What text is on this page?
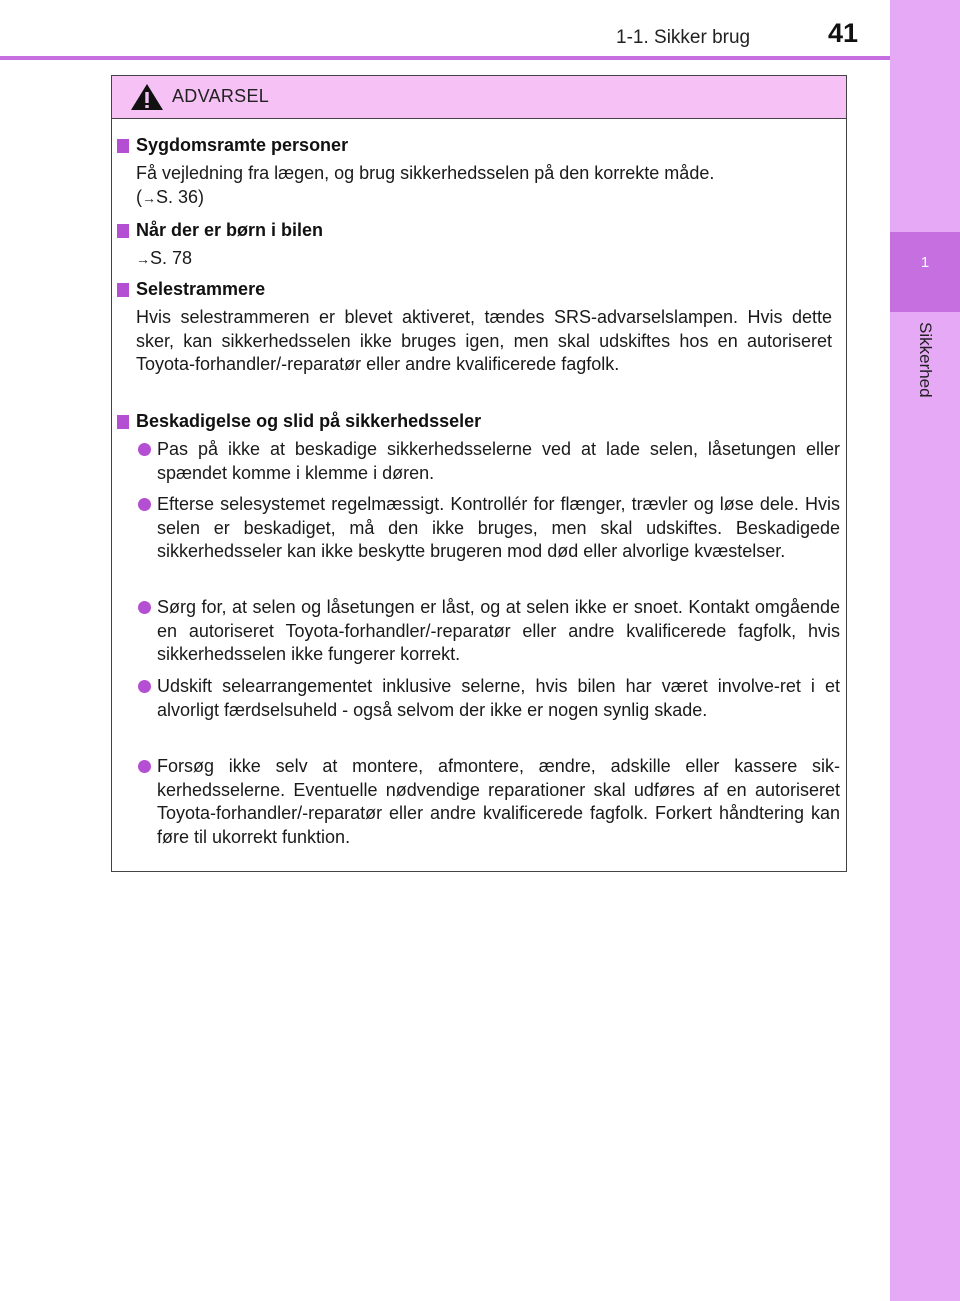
1
Sikkerhed
1-1. Sikker brug	41
ADVARSEL
Sygdomsramte personer
Få vejledning fra lægen, og brug sikkerhedsselen på den korrekte måde.
(→S. 36)
Når der er børn i bilen
→S. 78
Selestrammere
Hvis selestrammeren er blevet aktiveret, tændes SRS-advarselslampen. Hvis dette sker, kan sikkerhedsselen ikke bruges igen, men skal udskiftes hos en autoriseret Toyota-forhandler/-reparatør eller andre kvalificerede fagfolk.
Beskadigelse og slid på sikkerhedsseler
Pas på ikke at beskadige sikkerhedsselerne ved at lade selen, låsetungen eller spændet komme i klemme i døren.
Efterse selesystemet regelmæssigt. Kontrollér for flænger, trævler og løse dele. Hvis selen er beskadiget, må den ikke bruges, men skal udskiftes. Beskadigede sikkerhedsseler kan ikke beskytte brugeren mod død eller alvorlige kvæstelser.
Sørg for, at selen og låsetungen er låst, og at selen ikke er snoet. Kontakt omgående en autoriseret Toyota-forhandler/-reparatør eller andre kvalificerede fagfolk, hvis sikkerhedsselen ikke fungerer korrekt.
Udskift selearrangementet inklusive selerne, hvis bilen har været involve-ret i et alvorligt færdselsuheld - også selvom der ikke er nogen synlig skade.
Forsøg ikke selv at montere, afmontere, ændre, adskille eller kassere sik-kerhedsselerne. Eventuelle nødvendige reparationer skal udføres af en autoriseret Toyota-forhandler/-reparatør eller andre kvalificerede fagfolk. Forkert håndtering kan føre til ukorrekt funktion.
